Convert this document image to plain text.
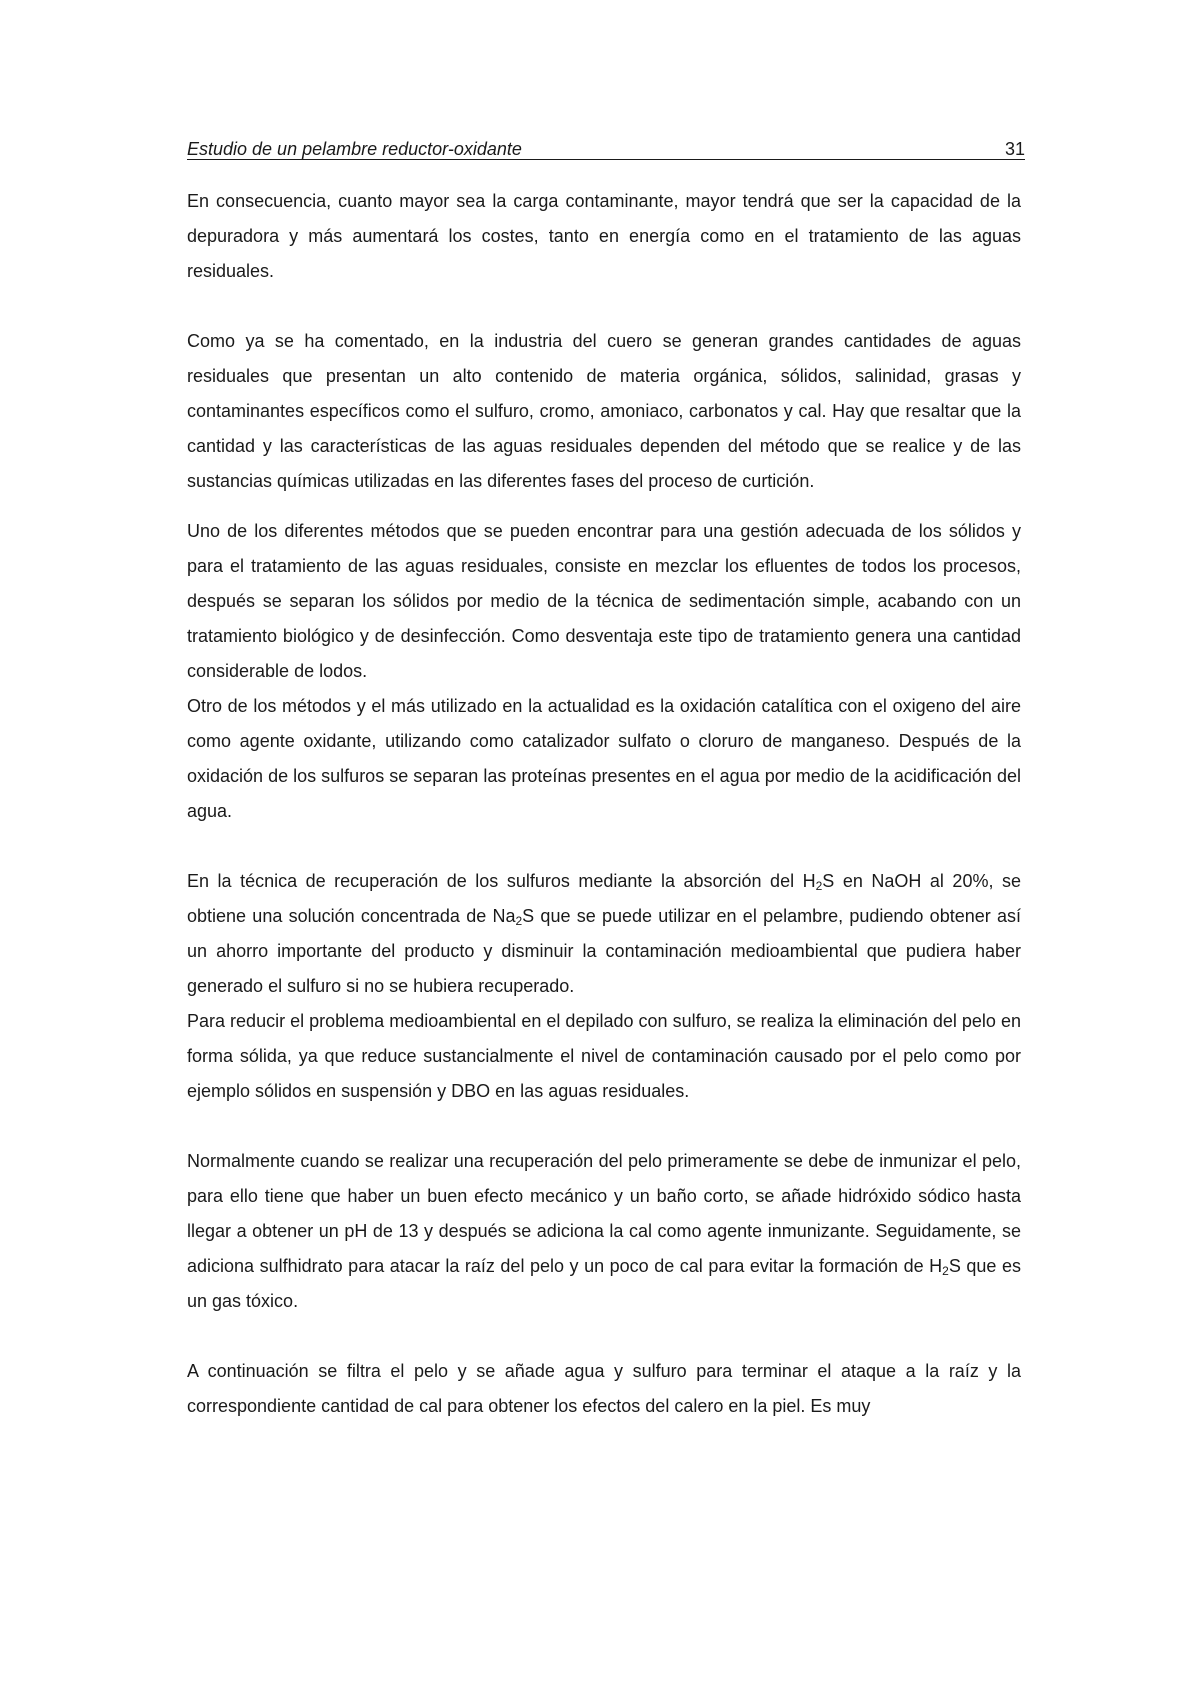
Estudio de un pelambre reductor-oxidante	31

En consecuencia, cuanto mayor sea la carga contaminante, mayor tendrá que ser la capacidad de la depuradora y más aumentará los costes, tanto en energía como en el tratamiento de las aguas residuales.

Como ya se ha comentado, en la industria del cuero se generan grandes cantidades de aguas residuales que presentan un alto contenido de materia orgánica, sólidos, salinidad, grasas y contaminantes específicos como el sulfuro, cromo, amoniaco, carbonatos y cal. Hay que resaltar que la cantidad y las características de las aguas residuales dependen del método que se realice y de las sustancias químicas utilizadas en las diferentes fases del proceso de curtición.

Uno de los diferentes métodos que se pueden encontrar para una gestión adecuada de los sólidos y para el tratamiento de las aguas residuales, consiste en mezclar los efluentes de todos los procesos, después se separan los sólidos por medio de la técnica de sedimentación simple, acabando con un tratamiento biológico y de desinfección. Como desventaja este tipo de tratamiento genera una cantidad considerable de lodos.

Otro de los métodos y el más utilizado en la actualidad es la oxidación catalítica con el oxigeno del aire como agente oxidante, utilizando como catalizador sulfato o cloruro de manganeso. Después de la oxidación de los sulfuros se separan las proteínas presentes en el agua por medio de la acidificación del agua.

En la técnica de recuperación de los sulfuros mediante la absorción del $H_2S$ en NaOH al 20%, se obtiene una solución concentrada de $Na_2S$ que se puede utilizar en el pelambre, pudiendo obtener así un ahorro importante del producto y disminuir la contaminación medioambiental que pudiera haber generado el sulfuro si no se hubiera recuperado.

Para reducir el problema medioambiental en el depilado con sulfuro, se realiza la eliminación del pelo en forma sólida, ya que reduce sustancialmente el nivel de contaminación causado por el pelo como por ejemplo sólidos en suspensión y DBO en las aguas residuales.

Normalmente cuando se realizar una recuperación del pelo primeramente se debe de inmunizar el pelo, para ello tiene que haber un buen efecto mecánico y un baño corto, se añade hidróxido sódico hasta llegar a obtener un pH de 13 y después se adiciona la cal como agente inmunizante. Seguidamente, se adiciona sulfhidrato para atacar la raíz del pelo y un poco de cal para evitar la formación de $H_2S$ que es un gas tóxico.

A continuación se filtra el pelo y se añade agua y sulfuro para terminar el ataque a la raíz y la correspondiente cantidad de cal para obtener los efectos del calero en la piel. Es muy
